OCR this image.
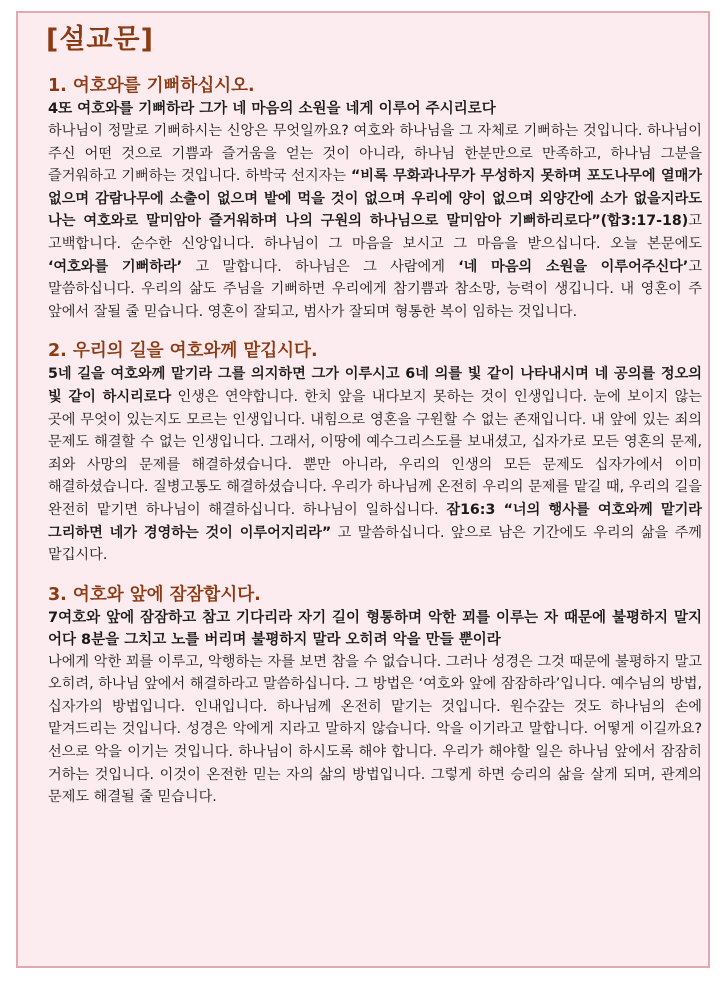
[설교문]
1. 여호와를 기뻐하십시오.
4또 여호와를 기뻐하라 그가 네 마음의 소원을 네게 이루어 주시리로다
하나님이 정말로 기뻐하시는 신앙은 무엇일까요? 여호와 하나님을 그 자체로 기뻐하는 것입니다. 하나님이 주신 어떤 것으로 기쁨과 즐거움을 얻는 것이 아니라, 하나님 한분만으로 만족하고, 하나님 그분을 즐거워하고 기뻐하는 것입니다. 하박국 선지자는 “비록 무화과나무가 무성하지 못하며 포도나무에 열매가 없으며 감람나무에 소출이 없으며 밭에 먹을 것이 없으며 우리에 양이 없으며 외양간에 소가 없을지라도 나는 여호와로 말미암아 즐거워하며 나의 구원의 하나님으로 말미암아 기뻐하리로다”(합3:17-18)고 고백합니다. 순수한 신앙입니다. 하나님이 그 마음을 보시고 그 마음을 받으십니다. 오늘 본문에도 ‘여호와를 기뻐하라’ 고 말합니다. 하나님은 그 사람에게 ‘네 마음의 소원을 이루어주신다’고 말씀하십니다. 우리의 삶도 주님을 기뻐하면 우리에게 참기쁨과 참소망, 능력이 생깁니다. 내 영혼이 주 앞에서 잘될 줄 믿습니다. 영혼이 잘되고, 범사가 잘되며 형통한 복이 임하는 것입니다.
2. 우리의 길을 여호와께 맡깁시다.
5네 길을 여호와께 맡기라 그를 의지하면 그가 이루시고 6네 의를 빛 같이 나타내시며 네 공의를 정오의 빛 같이 하시리로다 인생은 연약합니다. 한치 앞을 내다보지 못하는 것이 인생입니다. 눈에 보이지 않는 곳에 무엇이 있는지도 모르는 인생입니다. 내힘으로 영혼을 구원할 수 없는 존재입니다. 내 앞에 있는 죄의 문제도 해결할 수 없는 인생입니다. 그래서, 이땅에 예수그리스도를 보내셨고, 십자가로 모든 영혼의 문제, 죄와 사망의 문제를 해결하셨습니다. 뿐만 아니라, 우리의 인생의 모든 문제도 십자가에서 이미 해결하셨습니다. 질병고통도 해결하셨습니다. 우리가 하나님께 온전히 우리의 문제를 맡길 때, 우리의 길을 완전히 맡기면 하나님이 해결하십니다. 하나님이 일하십니다. 잠16:3 “너의 행사를 여호와께 맡기라 그리하면 네가 경영하는 것이 이루어지리라” 고 말씀하십니다. 앞으로 남은 기간에도 우리의 삶을 주께 맡깁시다.
3. 여호와 앞에 잠잠합시다.
7여호와 앞에 잠잠하고 참고 기다리라 자기 길이 형통하며 악한 꾀를 이루는 자 때문에 불평하지 말지어다 8분을 그치고 노를 버리며 불평하지 말라 오히려 악을 만들 뿐이라
나에게 악한 꾀를 이루고, 악행하는 자를 보면 참을 수 없습니다. 그러나 성경은 그것 때문에 불평하지 말고 오히려, 하나님 앞에서 해결하라고 말씀하십니다. 그 방법은 ‘여호와 앞에 잠잠하라’입니다. 예수님의 방법, 십자가의 방법입니다. 인내입니다. 하나님께 온전히 맡기는 것입니다. 원수갚는 것도 하나님의 손에 맡겨드리는 것입니다. 성경은 악에게 지라고 말하지 않습니다. 악을 이기라고 말합니다. 어떻게 이길까요? 선으로 악을 이기는 것입니다. 하나님이 하시도록 해야 합니다. 우리가 해야할 일은 하나님 앞에서 잠잠히 거하는 것입니다. 이것이 온전한 믿는 자의 삶의 방법입니다. 그렇게 하면 승리의 삶을 살게 되며, 관계의 문제도 해결될 줄 믿습니다.
